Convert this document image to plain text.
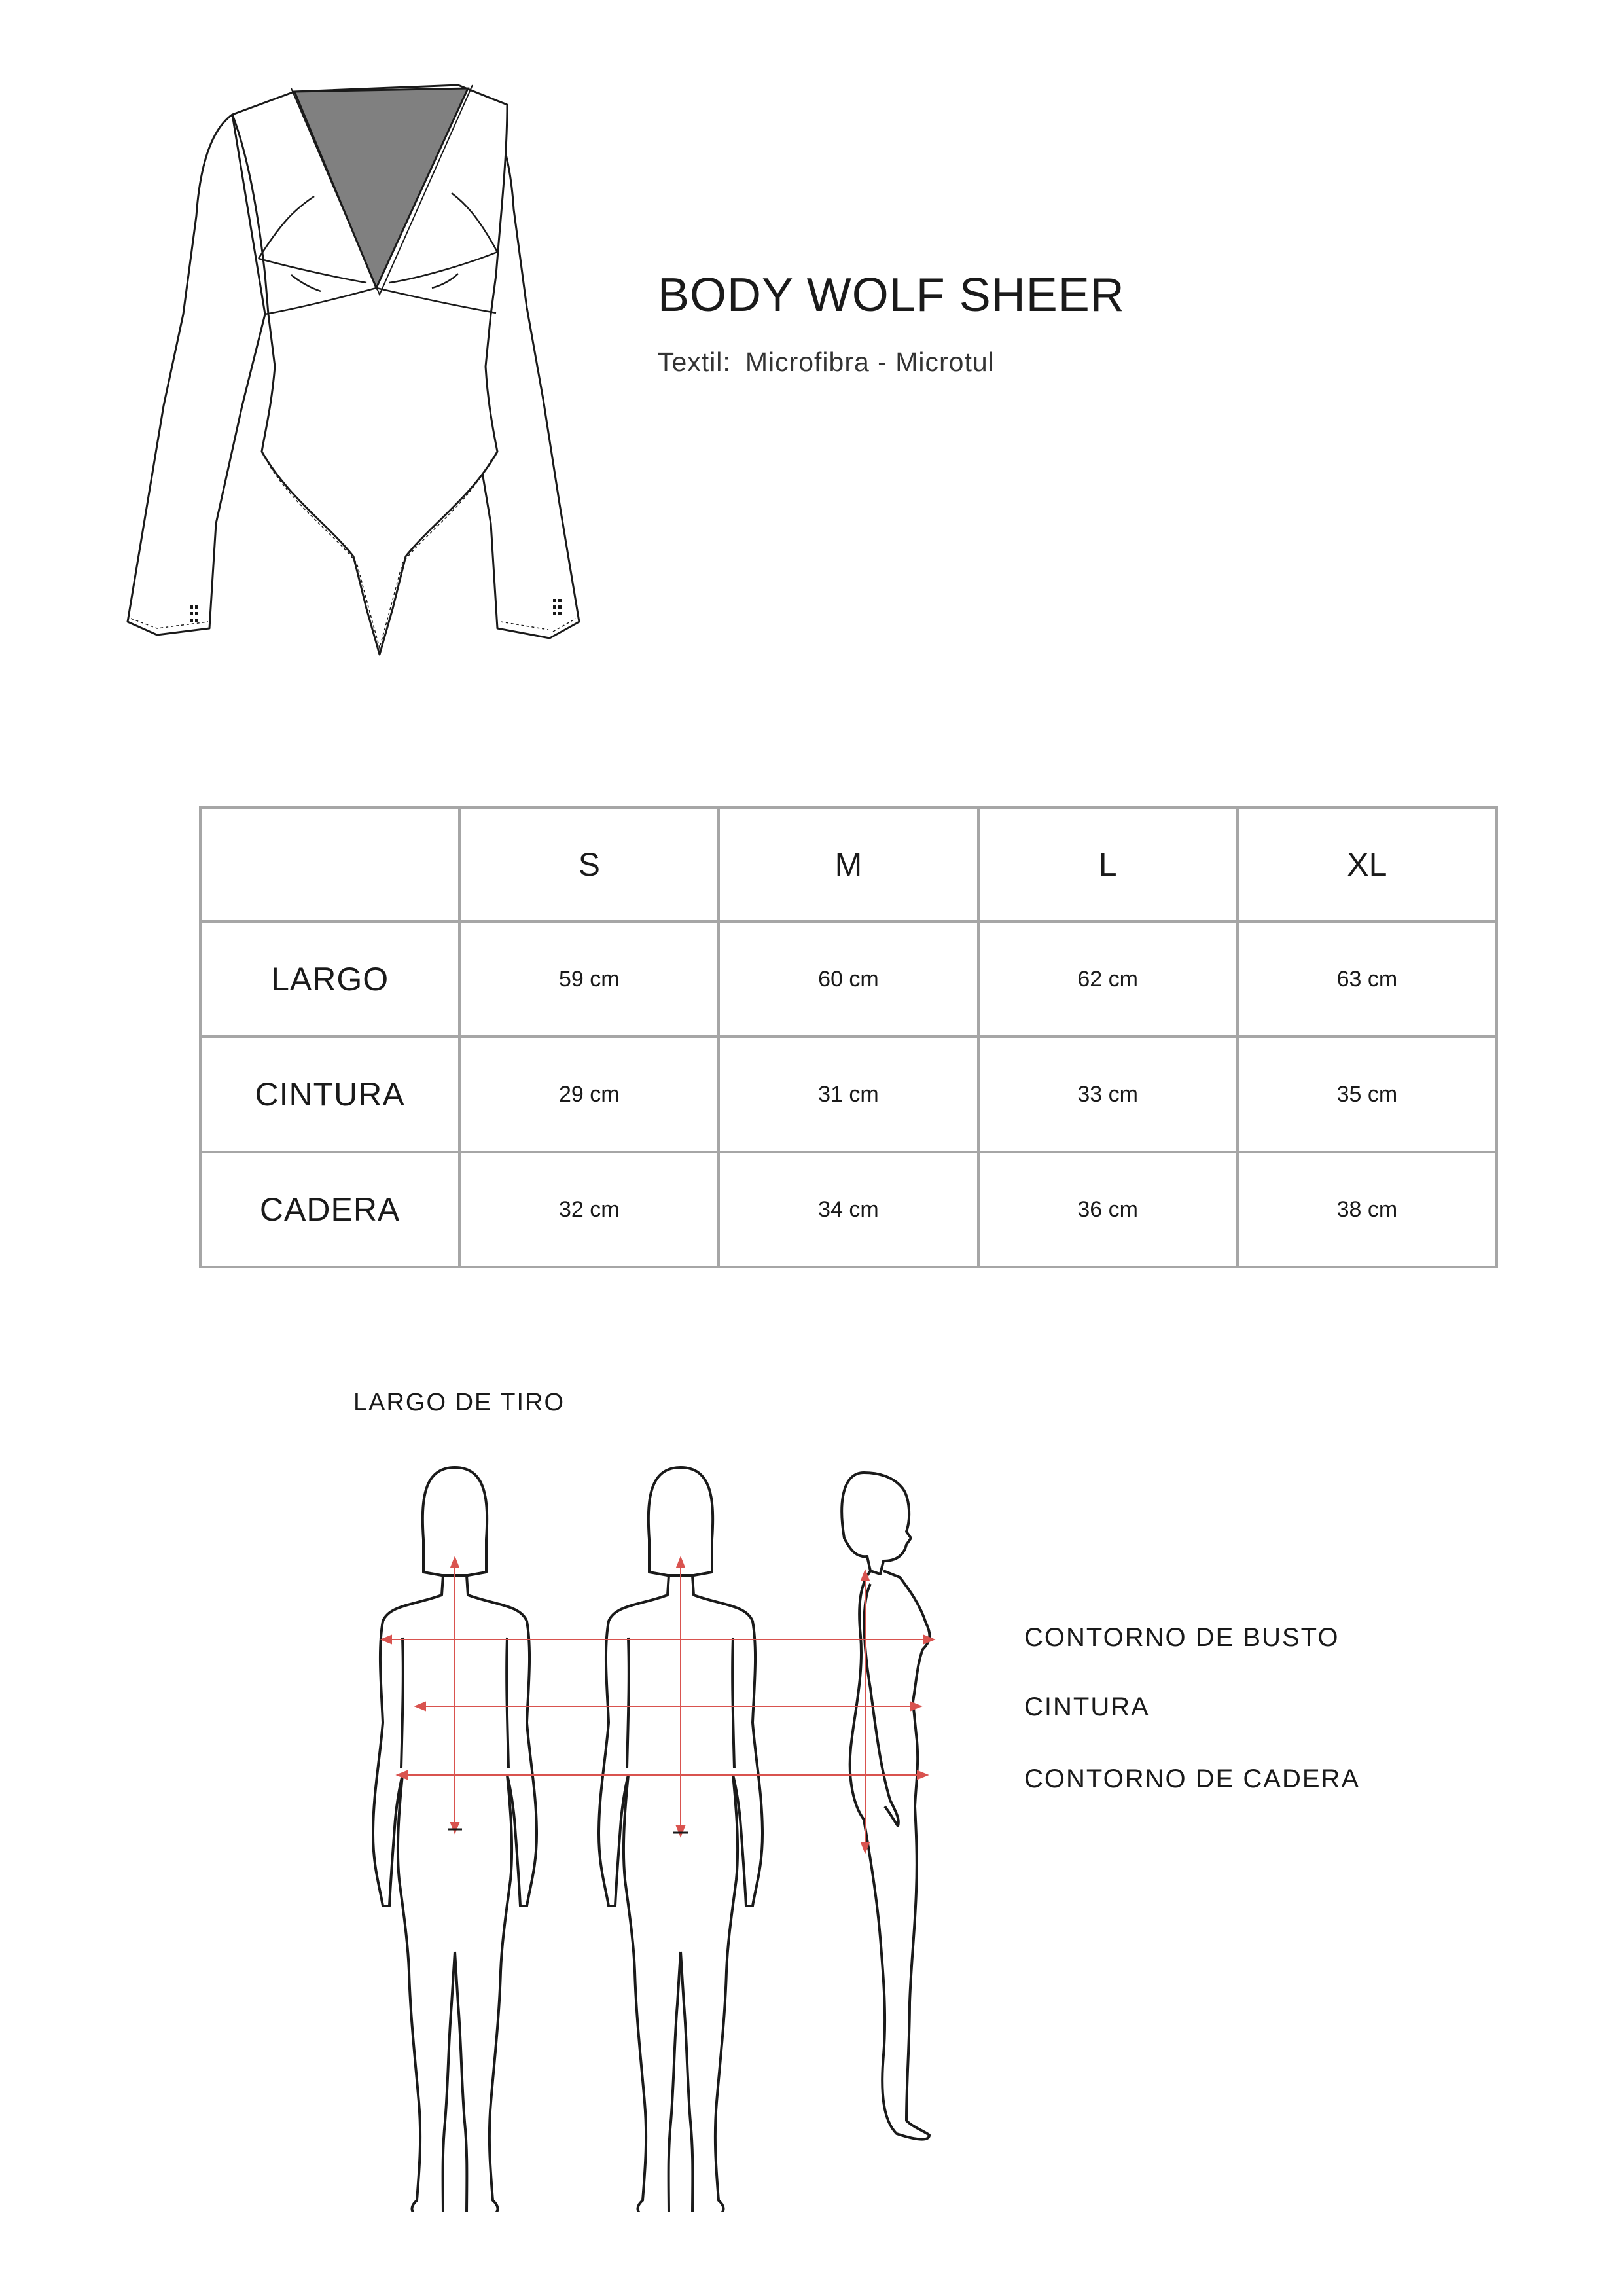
BODY WOLF SHEER
Textil: Microfibra - Microtul
	S	M	L	XL
LARGO	59 cm	60 cm	62 cm	63 cm
CINTURA	29 cm	31 cm	33 cm	35 cm
CADERA	32 cm	34 cm	36 cm	38 cm
LARGO DE TIRO
CONTORNO DE BUSTO
CINTURA
CONTORNO DE CADERA
